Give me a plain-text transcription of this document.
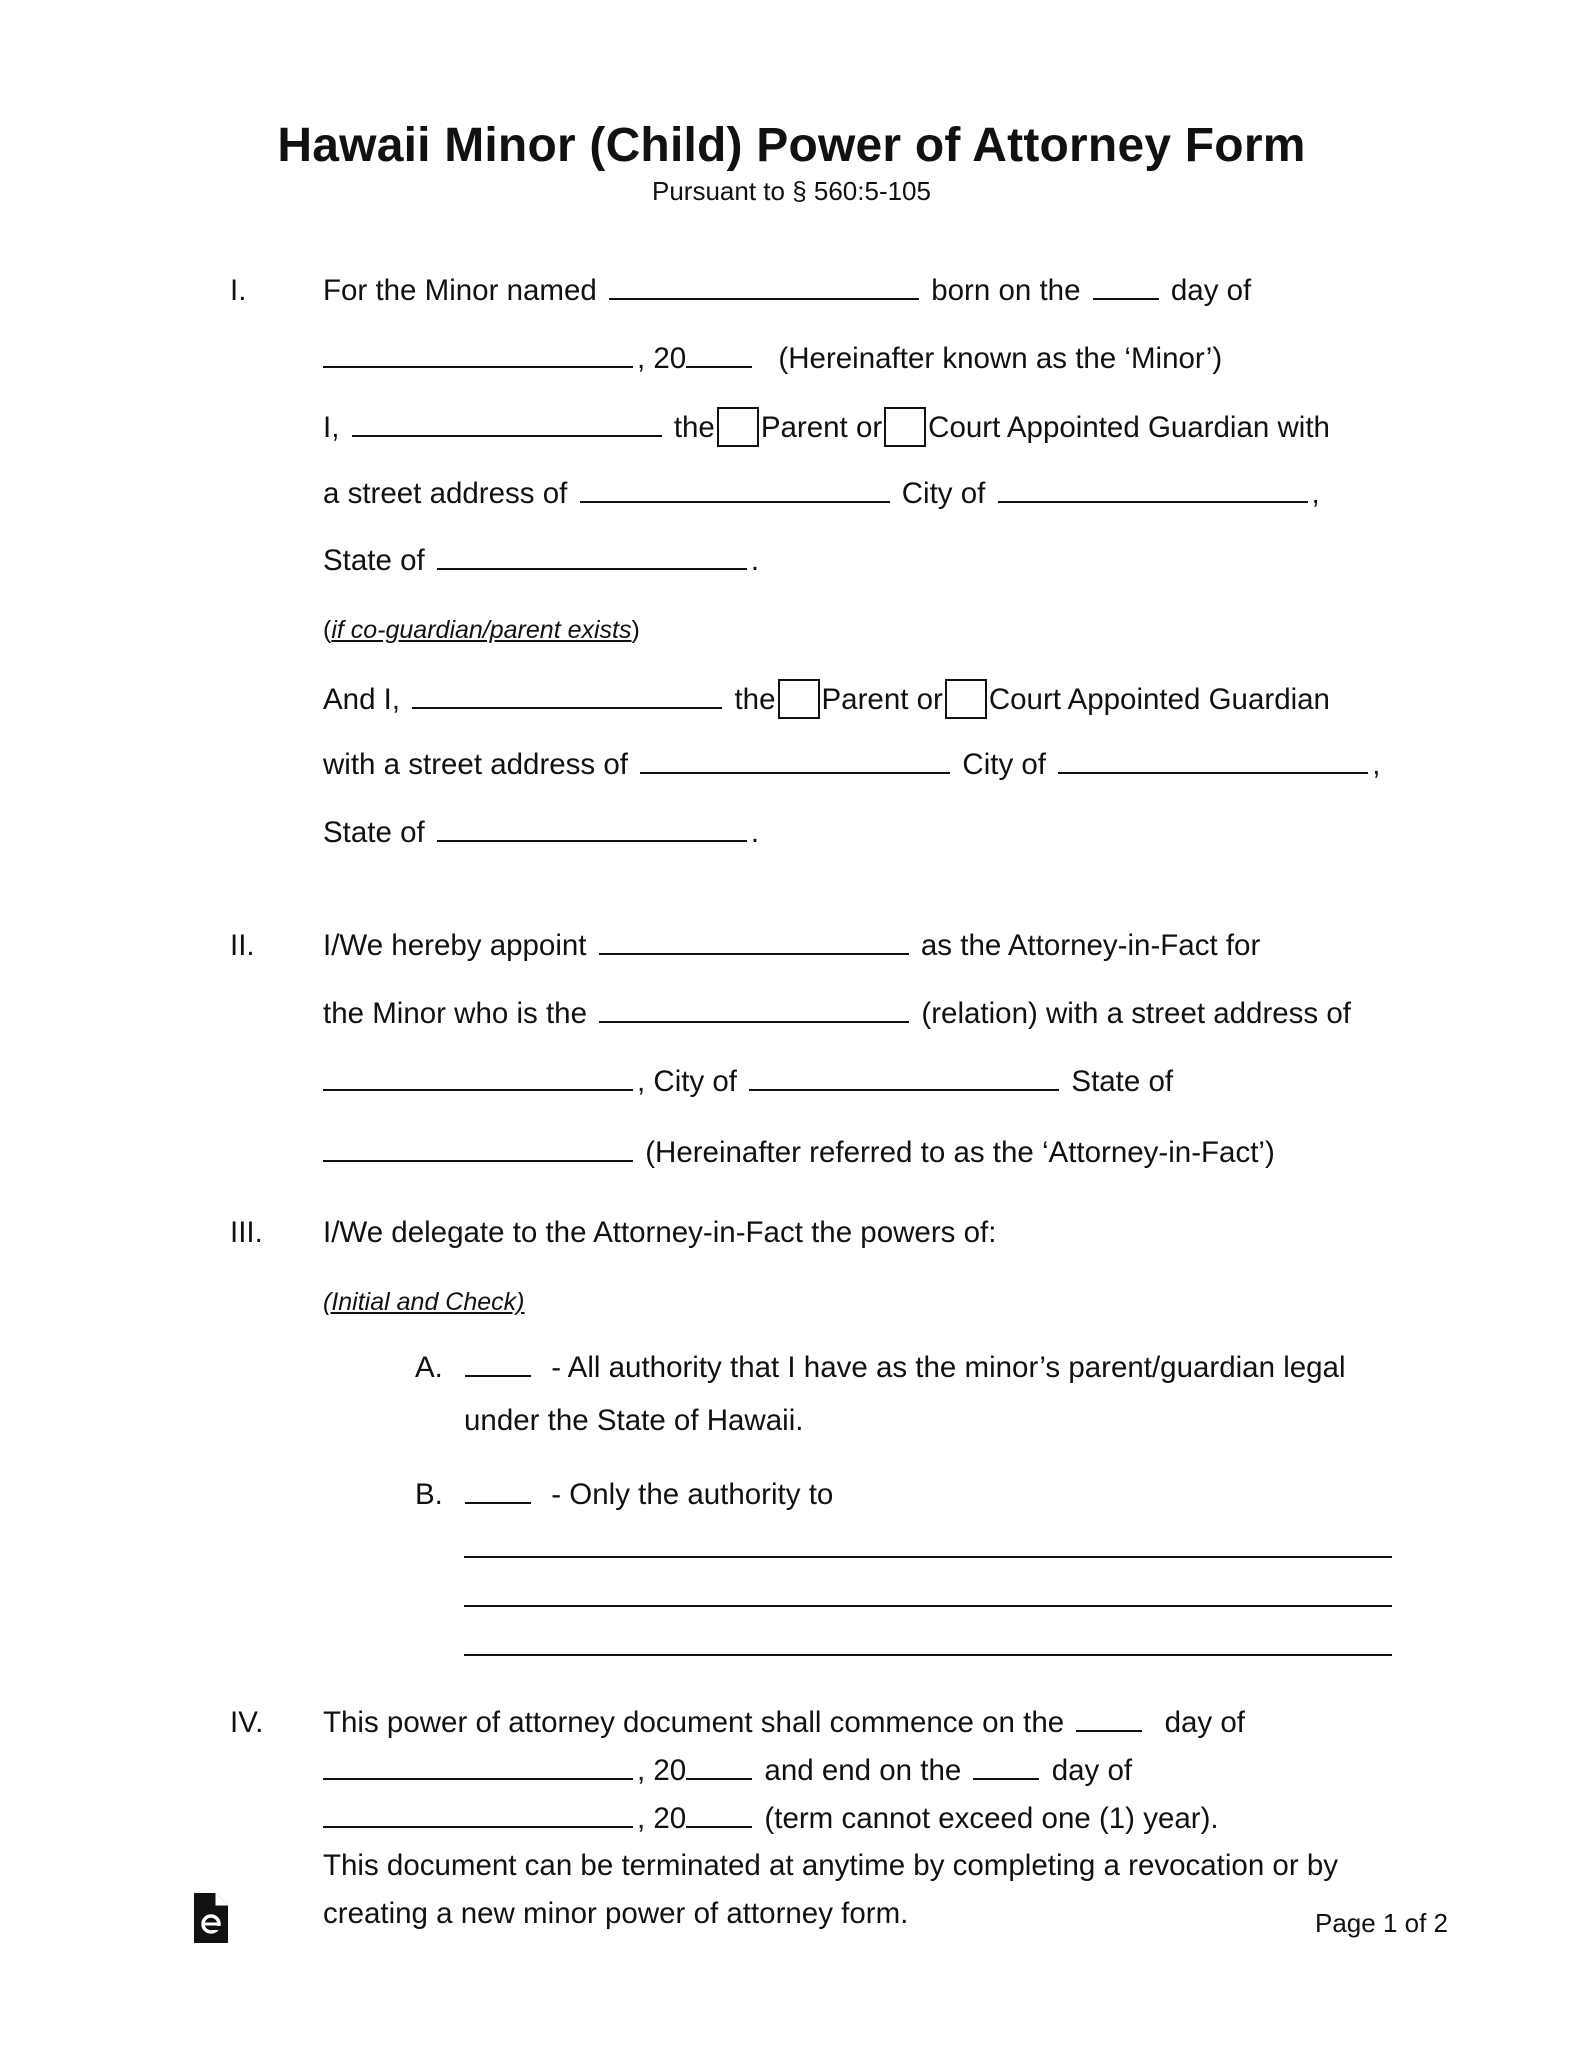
Hawaii Minor (Child) Power of Attorney Form
Pursuant to § 560:5-105
I.	For the Minor named	born on the	day of
, 20	(Hereinafter known as the ‘Minor’)
I,	the Parent or Court Appointed Guardian with
a street address of	City of	,
State of	.
(if co-guardian/parent exists)
And I,	the Parent or Court Appointed Guardian
with a street address of	City of	,
State of	.
II. I/We hereby appoint	as the Attorney-in-Fact for
the Minor who is the	(relation) with a street address of
, City of	State of
(Hereinafter referred to as the ‘Attorney-in-Fact’)
III. I/We delegate to the Attorney-in-Fact the powers of:
(Initial and Check)
A.	- All authority that I have as the minor’s parent/guardian legal
under the State of Hawaii.
B.	- Only the authority to
IV. This power of attorney document shall commence on the	day of
, 20	and end on the	day of
, 20	(term cannot exceed one (1) year).
This document can be terminated at anytime by completing a revocation or by
creating a new minor power of attorney form.	Page 1 of 2
